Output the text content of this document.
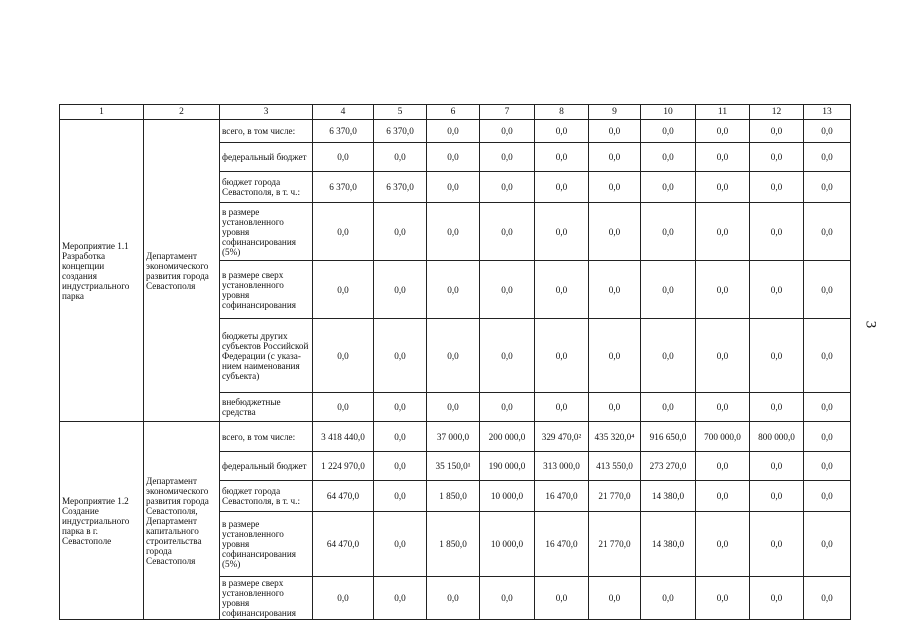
1	2	3	4	5	6	7	8	9	10	11	12	13
Мероприятие 1.1 Разработка концепции создания индустриального парка	Департамент экономического развития города Севастополя	всего, в том числе:	6 370,0	6 370,0	0,0	0,0	0,0	0,0	0,0	0,0	0,0	0,0
		федеральный бюджет	0,0	0,0	0,0	0,0	0,0	0,0	0,0	0,0	0,0	0,0
		бюджет города Севастополя, в т. ч.:	6 370,0	6 370,0	0,0	0,0	0,0	0,0	0,0	0,0	0,0	0,0
		в размере установленного уровня софинансирования (5%)	0,0	0,0	0,0	0,0	0,0	0,0	0,0	0,0	0,0	0,0
		в размере сверх установленного уровня софинансирования	0,0	0,0	0,0	0,0	0,0	0,0	0,0	0,0	0,0	0,0
		бюджеты других субъектов Российской Федерации (с указа-нием наименования субъекта)	0,0	0,0	0,0	0,0	0,0	0,0	0,0	0,0	0,0	0,0
		внебюджетные средства	0,0	0,0	0,0	0,0	0,0	0,0	0,0	0,0	0,0	0,0
Мероприятие 1.2 Создание индустриального парка в г. Севастополе	Департамент экономического развития города Севастополя, Департамент капитального строительства города Севастополя	всего, в том числе:	3 418 440,0	0,0	37 000,0	200 000,0	329 470,0²	435 320,0⁴	916 650,0	700 000,0	800 000,0	0,0
		федеральный бюджет	1 224 970,0	0,0	35 150,0¹	190 000,0	313 000,0	413 550,0	273 270,0	0,0	0,0	0,0
		бюджет города Севастополя, в т. ч.:	64 470,0	0,0	1 850,0	10 000,0	16 470,0	21 770,0	14 380,0	0,0	0,0	0,0
		в размере установленного уровня софинансирования (5%)	64 470,0	0,0	1 850,0	10 000,0	16 470,0	21 770,0	14 380,0	0,0	0,0	0,0
		в размере сверх установленного уровня софинансирования	0,0	0,0	0,0	0,0	0,0	0,0	0,0	0,0	0,0	0,0
3
